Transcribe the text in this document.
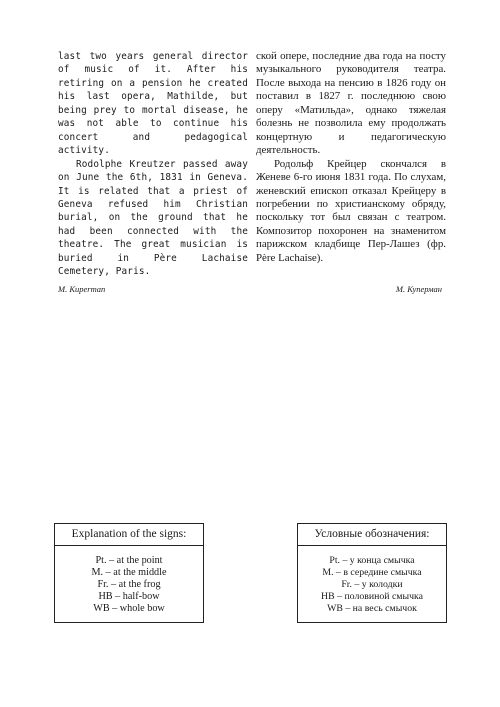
last two years general director of music of it. After his retiring on a pension he created his last opera, Mathilde, but being prey to mortal disease, he was not able to continue his concert and pedagogical activity.

Rodolphe Kreutzer passed away on June the 6th, 1831 in Geneva. It is related that a priest of Geneva refused him Christian burial, on the ground that he had been connected with the theatre. The great musician is buried in Père Lachaise Cemetery, Paris.

ской опере, последние два года на посту музыкального руководителя театра. После выхода на пенсию в 1826 году он поставил в 1827 г. последнюю свою оперу «Матильда», однако тяжелая болезнь не позволила ему продолжать концертную и педагогическую деятельность.

Родольф Крейцер скончался в Женеве 6-го июня 1831 года. По слухам, женевский епископ отказал Крейцеру в погребении по христианскому обряду, поскольку тот был связан с театром. Композитор похоронен на знаменитом парижском кладбище Пер-Лашез (фр. Père Lachaise).

M. Kuperman	М. Куперман
Explanation of the signs:
Pt. – at the point
M. – at the middle
Fr. – at the frog
HB – half-bow
WB – whole bow
Условные обозначения:
Pt. – у конца смычка
M. – в середине смычка
Fr. – у колодки
HB – половиной смычка
WB – на весь смычок
